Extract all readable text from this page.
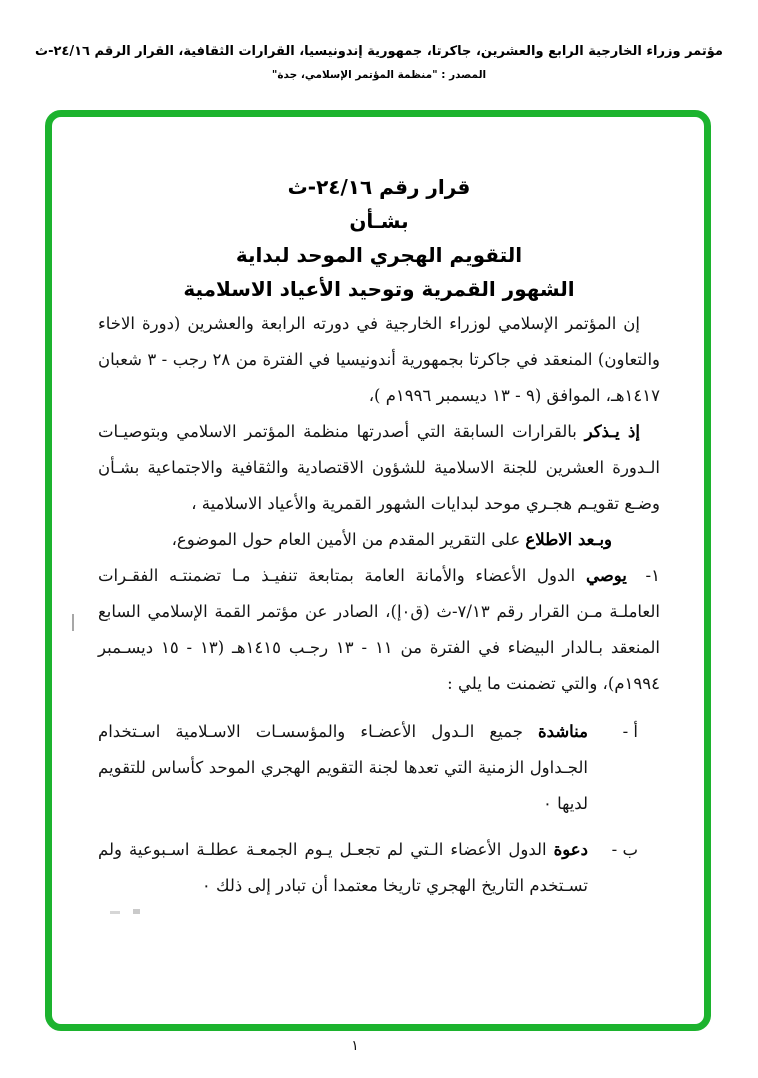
مؤتمر وزراء الخارجية الرابع والعشرين، جاكرتا، جمهورية إندونيسيا، القرارات الثقافية، القرار الرقم ٢٤/١٦-ث
المصدر : "منظمة المؤتمر الإسلامي، جدة"
قرار رقم ٢٤/١٦-ث
بشـأن
التقويم الهجري الموحد لبداية
الشهور القمرية وتوحيد الأعياد الاسلامية

إن المؤتمر الإسلامي لوزراء الخارجية في دورته الرابعة والعشرين (دورة الاخاء والتعاون) المنعقد في جاكرتا بجمهورية أندونيسيا في الفترة من ٢٨ رجب - ٣ شعبان ١٤١٧هـ، الموافق (٩ - ١٣ ديسمبر ١٩٩٦م )،

إذ يـذكر بالقرارات السابقة التي أصدرتها منظمة المؤتمر الاسلامي وبتوصيـات الـدورة العشرين للجنة الاسلامية للشؤون الاقتصادية والثقافية والاجتماعية بشـأن وضـع تقويـم هجـري موحد لبدايات الشهور القمرية والأعياد الاسلامية ،

وبـعد الاطلاع على التقرير المقدم من الأمين العام حول الموضوع،

١- يوصي الدول الأعضاء والأمانة العامة بمتابعة تنفيـذ مـا تضمنتـه الفقـرات العاملـة مـن القرار رقم ٧/١٣-ث (ق٠إ)، الصادر عن مؤتمر القمة الإسلامي السابع المنعقد بـالدار البيضاء في الفترة من ١١ - ١٣ رجـب ١٤١٥هـ (١٣ - ١٥ ديسـمبر ١٩٩٤م)، والتي تضمنت ما يلي :

أ -
مناشدة جميع الـدول الأعضـاء والمؤسسـات الاسـلامية اسـتخدام الجـداول الزمنية التي تعدها لجنة التقويم الهجري الموحد كأساس للتقويم لديها ٠
ب -
دعوة الدول الأعضاء الـتي لم تجعـل يـوم الجمعـة عطلـة اسـبوعية ولم تسـتخدم التاريخ الهجري تاريخا معتمدا أن تبادر إلى ذلك ٠
١
